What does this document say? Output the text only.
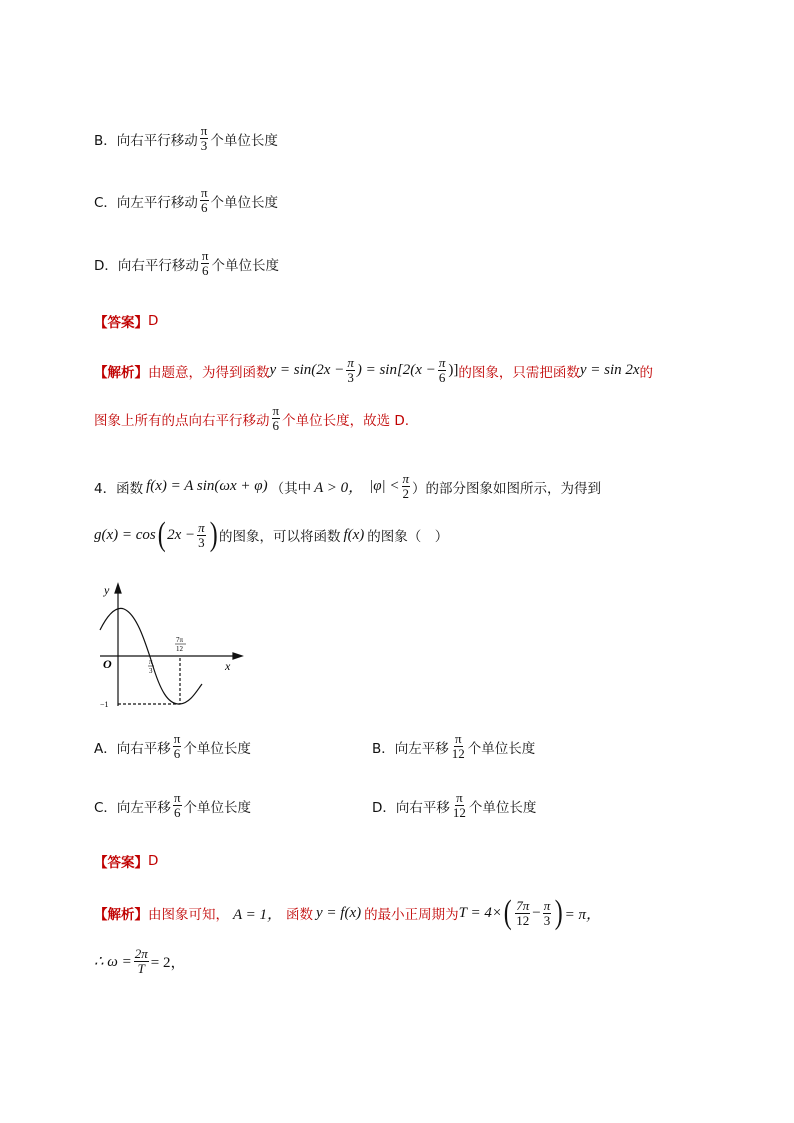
B．向右平行移动 $\frac{\pi}{3}$ 个单位长度
C．向左平行移动 $\frac{\pi}{6}$ 个单位长度
D．向右平行移动 $\frac{\pi}{6}$ 个单位长度
【答案】 D
【解析】 由题意，为得到函数 $y = \sin(2x - \frac{\pi}{3}$ ) = $\sin[2(x - \frac{\pi}{6}$ )] 的图象，只需把函数 y = sin 2x 的
图象上所有的点向右平行移动 $\frac{\pi}{6}$ 个单位长度，故选 D.
4．函数 f(x) = A sin(ωx + φ) （其中 A > 0， $|\varphi| < \frac{\pi}{2}$ ）的部分图象如图所示，为得到
g(x) = cos ( $2x - \frac{\pi}{3}$ ) 的图象，可以将函数 f(x) 的图象（　）
y
x
O	π
3
7π
12
−1
A．向右平移 $\frac{\pi}{6}$ 个单位长度	B．向左平移 $\frac{\pi}{12}$ 个单位长度
C．向左平移 $\frac{\pi}{6}$ 个单位长度	D．向右平移 $\frac{\pi}{12}$ 个单位长度
【答案】 D
【解析】 由图象可知， A = 1， 函数 y = f(x) 的最小正周期为 T = 4× ( $\frac{7\pi}{12} - \frac{\pi}{3}$ ) = π，
∴ $\omega = \frac{2\pi}{T} = 2$，
